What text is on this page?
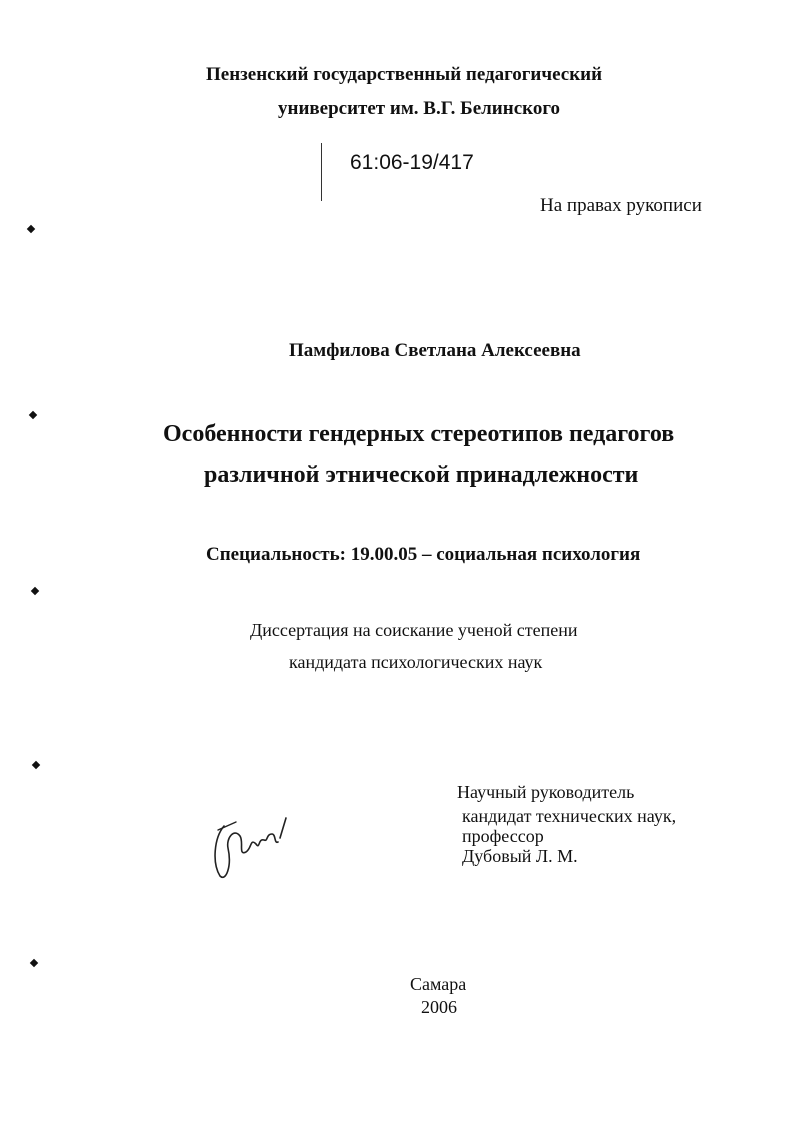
Пензенский государственный педагогический
университет им. В.Г. Белинского
61:06-19/417
На правах рукописи
Памфилова Светлана Алексеевна
Особенности гендерных стереотипов педагогов
различной этнической принадлежности
Специальность: 19.00.05 – социальная психология
Диссертация на соискание ученой степени
кандидата психологических наук
Научный руководитель
кандидат технических наук,
профессор
Дубовый Л. М.
Самара
2006
